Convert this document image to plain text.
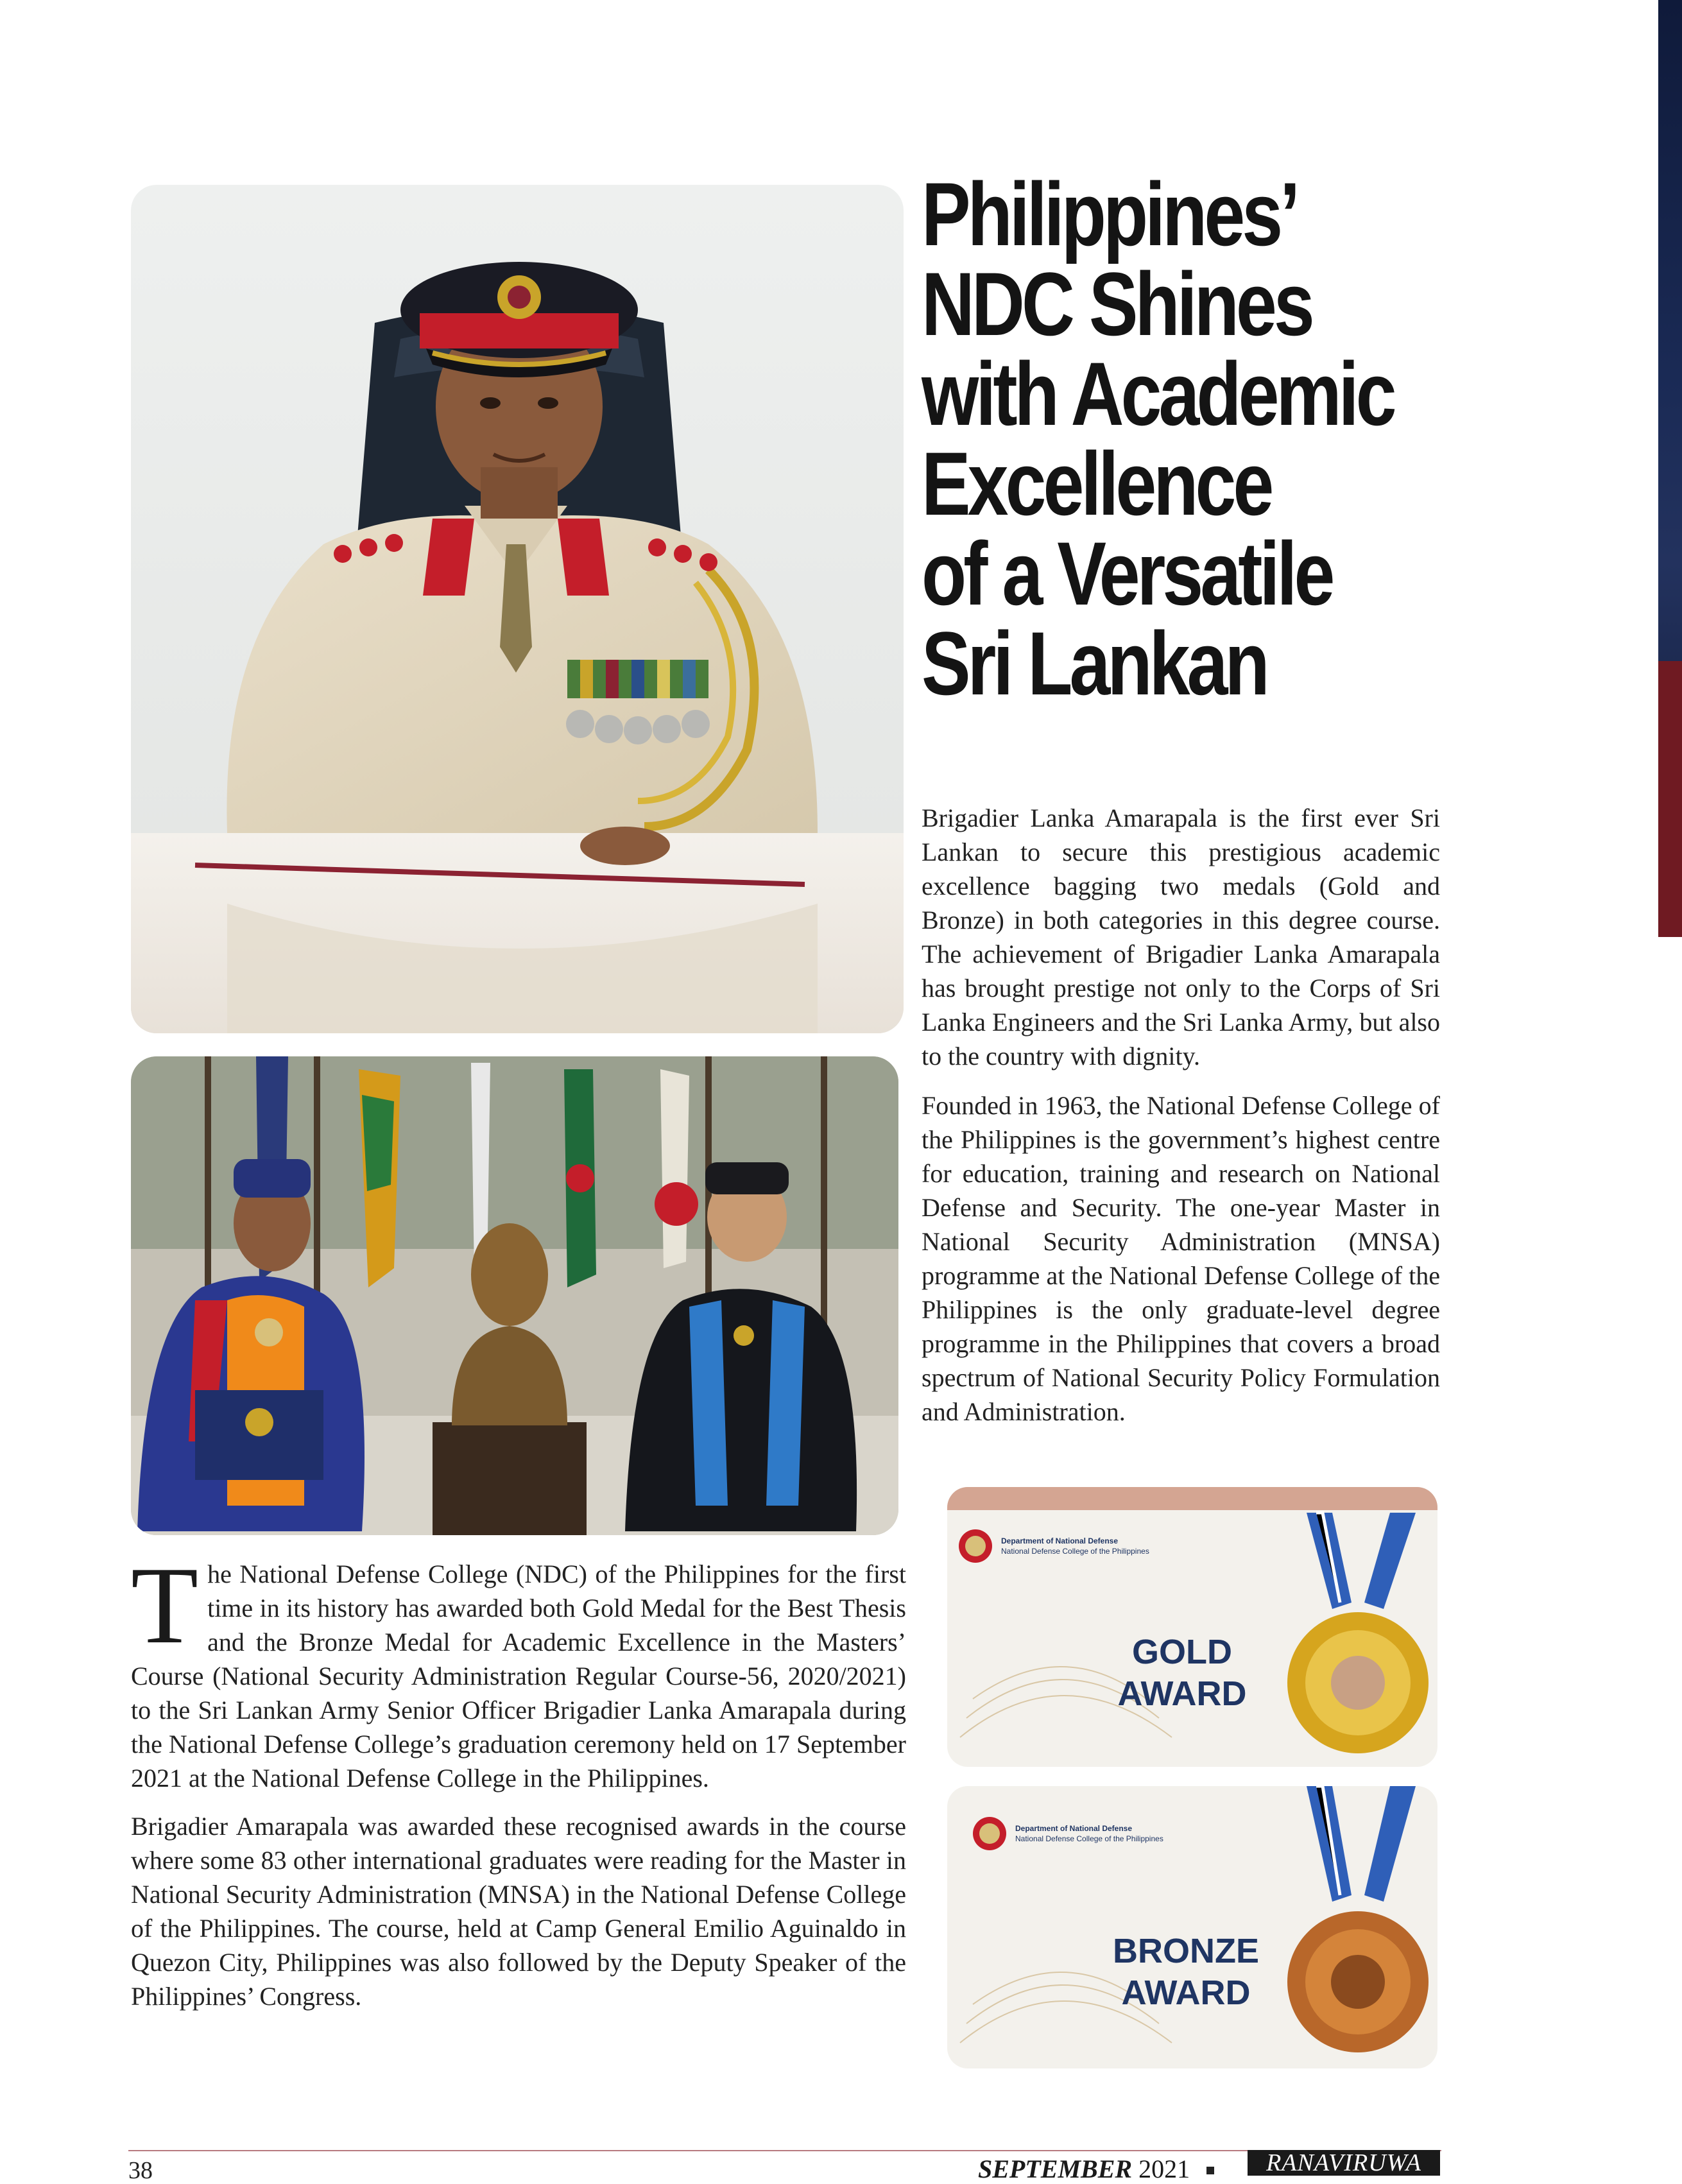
Philippines’
NDC Shines
with Academic
Excellence
of a Versatile
Sri Lankan

Brigadier Lanka Amarapala is the first ever Sri Lankan to secure this prestigious academic excellence bagging two medals (Gold and Bronze) in both categories in this degree course. The achievement of Brigadier Lanka Amarapala has brought prestige not only to the Corps of Sri Lanka Engineers and the Sri Lanka Army, but also to the country with dignity.

Founded in 1963, the National Defense College of the Philippines is the government’s highest centre for education, training and research on National Defense and Security. The one-year Master in National Security Administration (MNSA) programme at the National Defense College of the Philippines is the only graduate-level degree programme in the Philippines that covers a broad spectrum of National Security Policy Formulation and Administration.

The National Defense College (NDC) of the Philippines for the first time in its history has awarded both Gold Medal for the Best Thesis and the Bronze Medal for Academic Excellence in the Masters’ Course (National Security Administration Regular Course-56, 2020/2021) to the Sri Lankan Army Senior Officer Brigadier Lanka Amarapala during the National Defense College’s graduation ceremony held on 17 September 2021 at the National Defense College in the Philippines.

Brigadier Amarapala was awarded these recognised awards in the course where some 83 other international graduates were reading for the Master in National Security Administration (MNSA) in the National Defense College of the Philippines. The course, held at Camp General Emilio Aguinaldo in Quezon City, Philippines was also followed by the Deputy Speaker of the Philippines’ Congress.

Department of National Defense
National Defense College of the Philippines
GOLD
AWARD
Department of National Defense
National Defense College of the Philippines
BRONZE
AWARD
38	SEPTEMBER 2021	RANAVIRUWA
